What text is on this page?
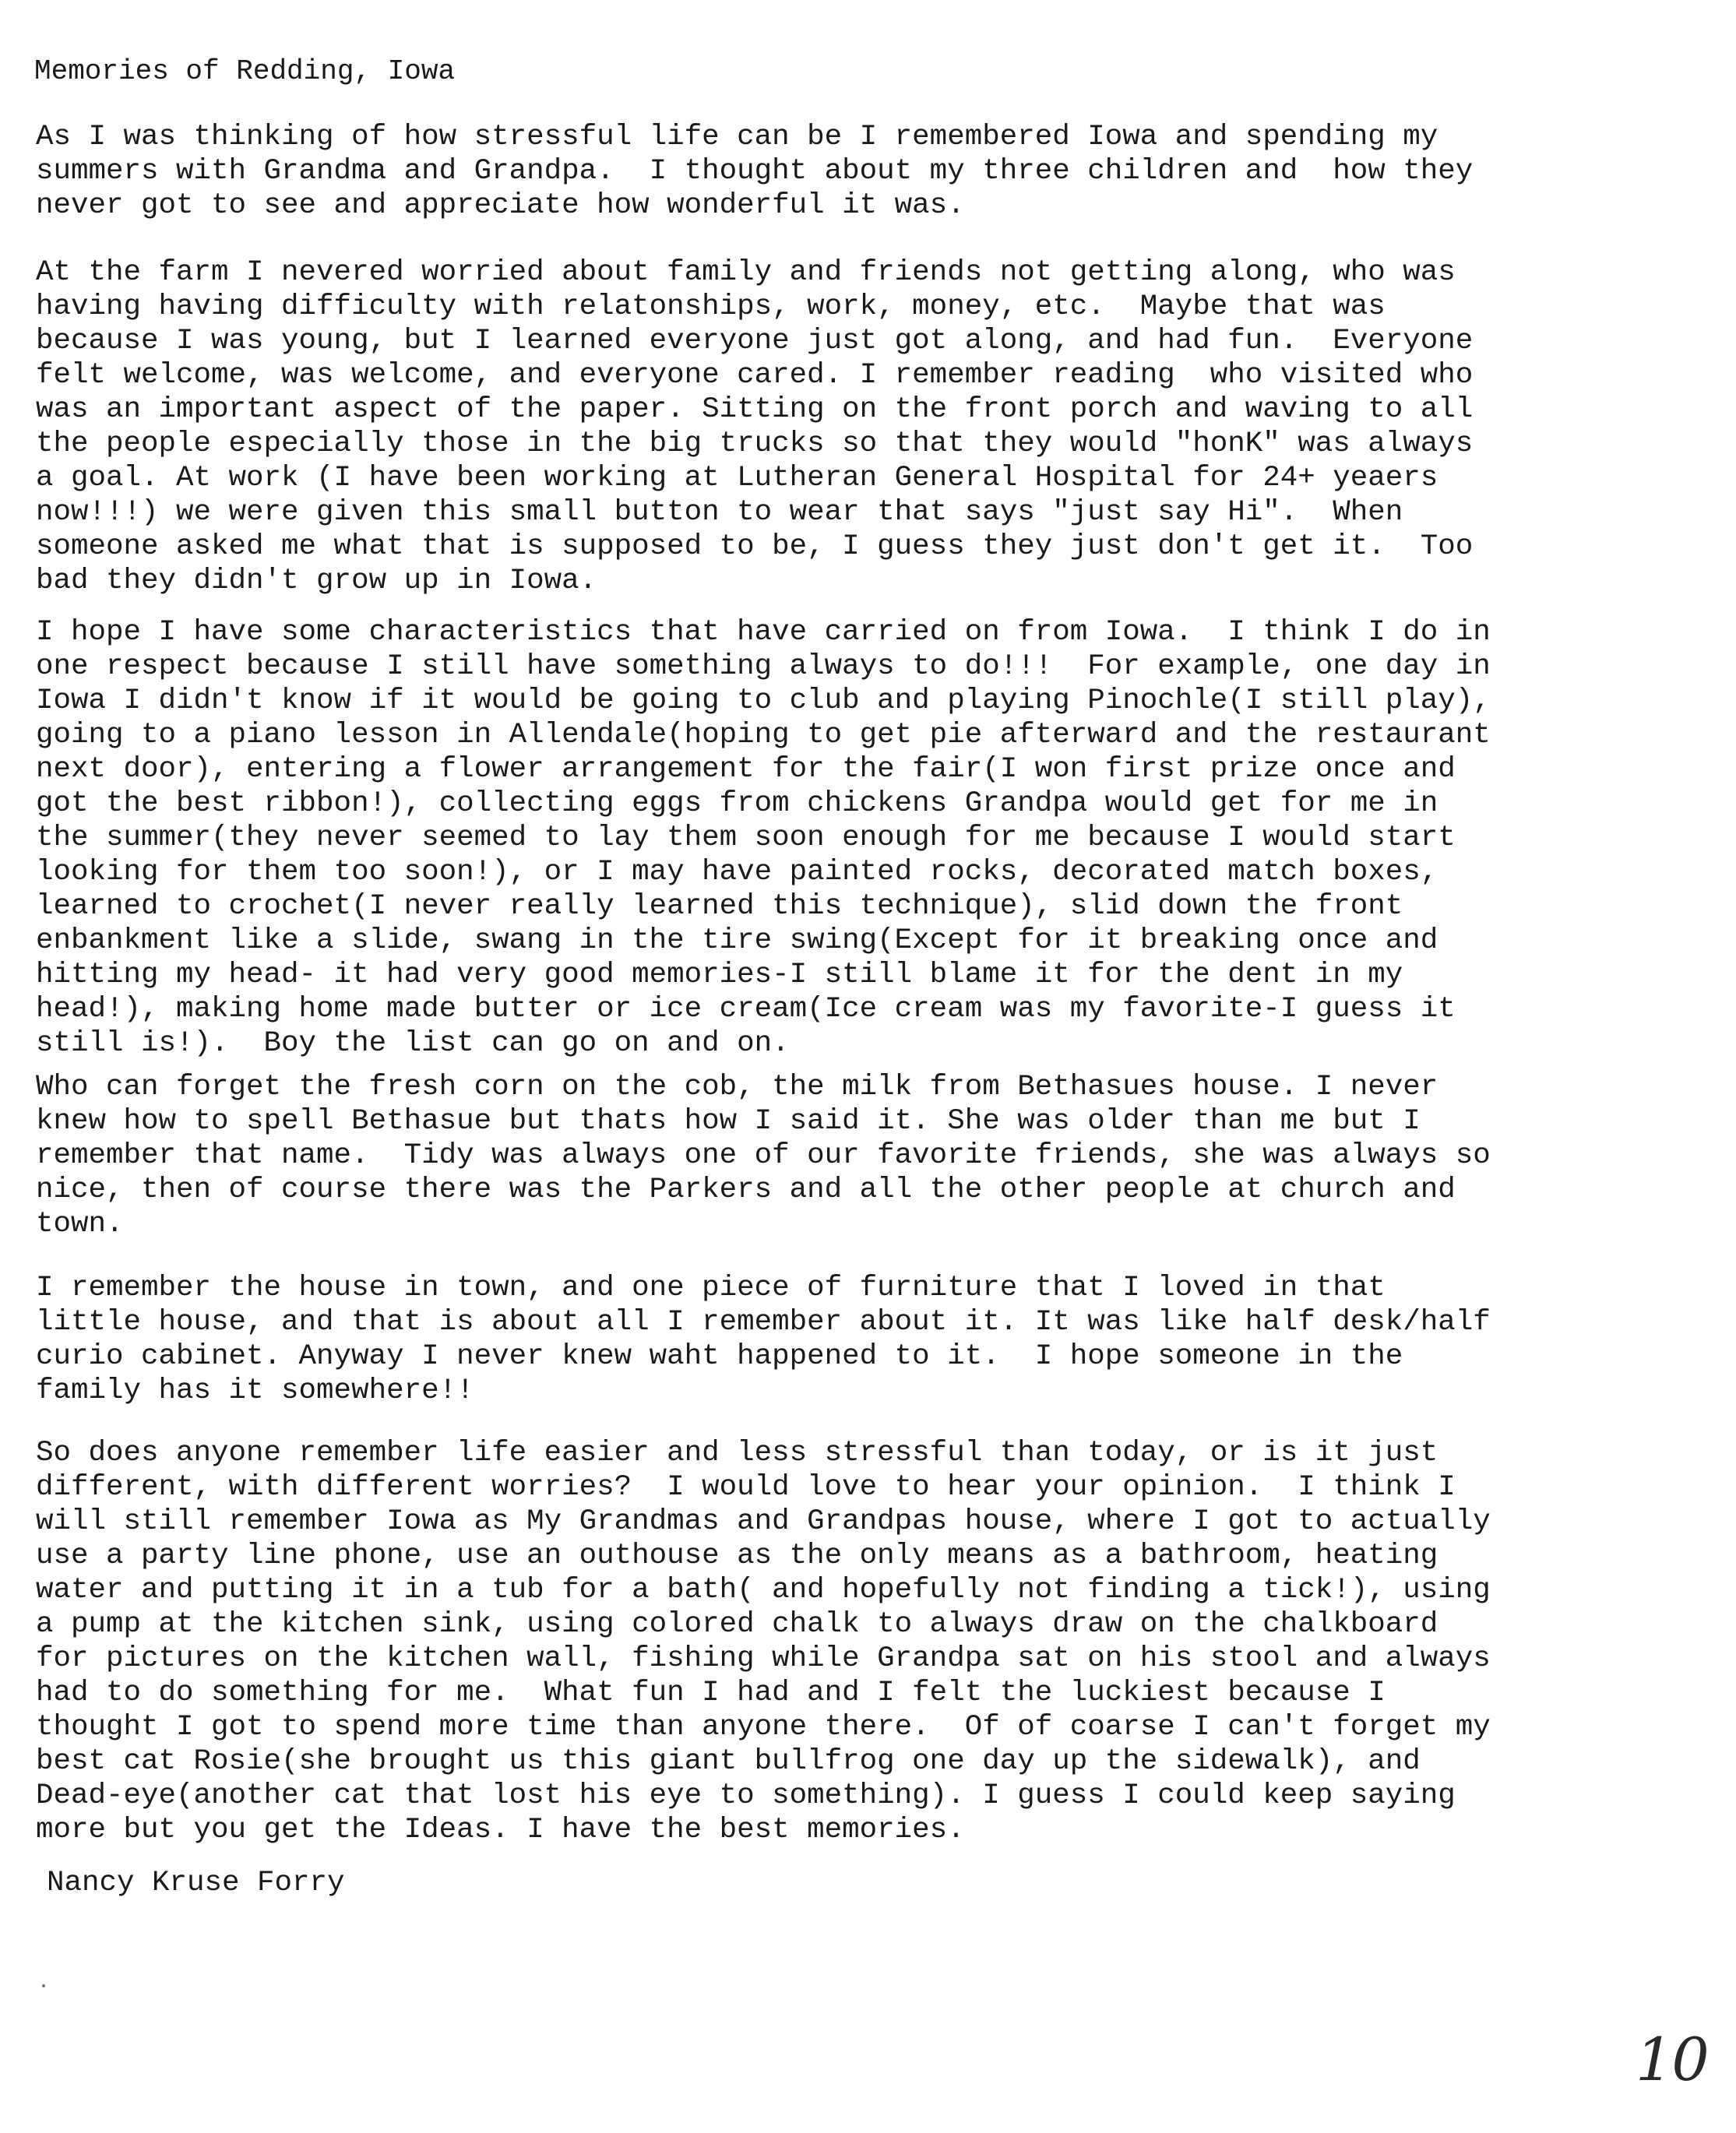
Memories of Redding, Iowa
As I was thinking of how stressful life can be I remembered Iowa and spending my
summers with Grandma and Grandpa.  I thought about my three children and  how they
never got to see and appreciate how wonderful it was.
At the farm I nevered worried about family and friends not getting along, who was
having having difficulty with relatonships, work, money, etc.  Maybe that was
because I was young, but I learned everyone just got along, and had fun.  Everyone
felt welcome, was welcome, and everyone cared. I remember reading  who visited who
was an important aspect of the paper. Sitting on the front porch and waving to all
the people especially those in the big trucks so that they would "honK" was always
a goal. At work (I have been working at Lutheran General Hospital for 24+ yeaers
now!!!) we were given this small button to wear that says "just say Hi".  When
someone asked me what that is supposed to be, I guess they just don't get it.  Too
bad they didn't grow up in Iowa.
I hope I have some characteristics that have carried on from Iowa.  I think I do in
one respect because I still have something always to do!!!  For example, one day in
Iowa I didn't know if it would be going to club and playing Pinochle(I still play),
going to a piano lesson in Allendale(hoping to get pie afterward and the restaurant
next door), entering a flower arrangement for the fair(I won first prize once and
got the best ribbon!), collecting eggs from chickens Grandpa would get for me in
the summer(they never seemed to lay them soon enough for me because I would start
looking for them too soon!), or I may have painted rocks, decorated match boxes,
learned to crochet(I never really learned this technique), slid down the front
enbankment like a slide, swang in the tire swing(Except for it breaking once and
hitting my head- it had very good memories-I still blame it for the dent in my
head!), making home made butter or ice cream(Ice cream was my favorite-I guess it
still is!).  Boy the list can go on and on.
Who can forget the fresh corn on the cob, the milk from Bethasues house. I never
knew how to spell Bethasue but thats how I said it. She was older than me but I
remember that name.  Tidy was always one of our favorite friends, she was always so
nice, then of course there was the Parkers and all the other people at church and
town.
I remember the house in town, and one piece of furniture that I loved in that
little house, and that is about all I remember about it. It was like half desk/half
curio cabinet. Anyway I never knew waht happened to it.  I hope someone in the
family has it somewhere!!
So does anyone remember life easier and less stressful than today, or is it just
different, with different worries?  I would love to hear your opinion.  I think I
will still remember Iowa as My Grandmas and Grandpas house, where I got to actually
use a party line phone, use an outhouse as the only means as a bathroom, heating
water and putting it in a tub for a bath( and hopefully not finding a tick!), using
a pump at the kitchen sink, using colored chalk to always draw on the chalkboard
for pictures on the kitchen wall, fishing while Grandpa sat on his stool and always
had to do something for me.  What fun I had and I felt the luckiest because I
thought I got to spend more time than anyone there.  Of of coarse I can't forget my
best cat Rosie(she brought us this giant bullfrog one day up the sidewalk), and
Dead-eye(another cat that lost his eye to something). I guess I could keep saying
more but you get the Ideas. I have the best memories.
Nancy Kruse Forry
10
